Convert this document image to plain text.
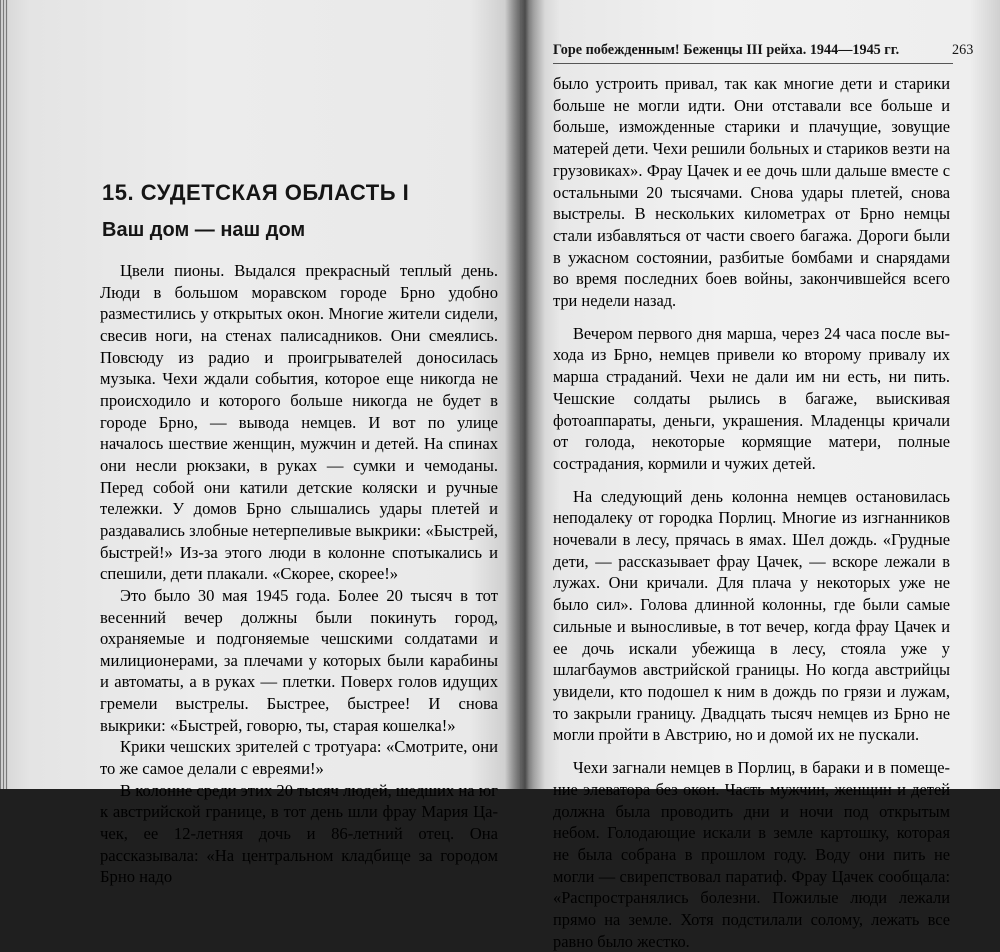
15. СУДЕТСКАЯ ОБЛАСТЬ I
Ваш дом — наш дом

Цвели пионы. Выдался прекрасный теплый день. Люди в большом моравском городе Брно удобно разместились у открытых окон. Многие жители сидели, свесив ноги, на стенах палисадников. Они смеялись. Повсюду из радио и проигрывателей доносилась музыка. Чехи ждали события, которое еще никогда не происходило и которого больше никогда не будет в городе Брно, — вывода немцев. И вот по улице началось шествие женщин, мужчин и детей. На спинах они несли рюкзаки, в руках — сумки и чемоданы. Перед собой они катили детские коляски и ручные тележки. У домов Брно слышались удары плетей и раздавались злобные нетерпеливые выкрики: «Быстрей, быстрей!» Из-за этого люди в колонне спотыкались и спешили, дети плакали. «Скорее, скорее!»

Это было 30 мая 1945 года. Более 20 тысяч в тот весенний вечер должны были покинуть город, охраняемые и подгоняемые чешскими солдатами и милиционерами, за плечами у которых были карабины и автоматы, а в руках — плетки. Поверх голов идущих гремели выстрелы. Быстрее, быстрее! И снова выкрики: «Быстрей, говорю, ты, старая кошелка!»

Крики чешских зрителей с тротуара: «Смотрите, они то же самое делали с евреями!»

В колонне среди этих 20 тысяч людей, шедших на юг к австрийской границе, в тот день шли фрау Мария Цачек, ее 12-летняя дочь и 86-летний отец. Она рассказывала: «На центральном кладбище за городом Брно надо

Горе побежденным! Беженцы III рейха. 1944—1945 гг.	263

было устроить привал, так как многие дети и старики больше не могли идти. Они отставали все больше и больше, изможденные старики и плачущие, зовущие матерей дети. Чехи решили больных и стариков везти на грузовиках». Фрау Цачек и ее дочь шли дальше вместе с остальными 20 тысячами. Снова удары плетей, снова выстрелы. В нескольких километрах от Брно немцы стали избавляться от части своего багажа. Дороги были в ужасном состоянии, разбитые бомбами и снарядами во время последних боев войны, закончившейся всего три недели назад.

Вечером первого дня марша, через 24 часа после выхода из Брно, немцев привели ко второму привалу их марша страданий. Чехи не дали им ни есть, ни пить. Чешские солдаты рылись в багаже, выискивая фотоаппараты, деньги, украшения. Младенцы кричали от голода, некоторые кормящие матери, полные сострадания, кормили и чужих детей.

На следующий день колонна немцев остановилась неподалеку от городка Порлиц. Многие из изгнанников ночевали в лесу, прячась в ямах. Шел дождь. «Грудные дети, — рассказывает фрау Цачек, — вскоре лежали в лужах. Они кричали. Для плача у некоторых уже не было сил». Голова длинной колонны, где были самые сильные и выносливые, в тот вечер, когда фрау Цачек и ее дочь искали убежища в лесу, стояла уже у шлагбаумов австрийской границы. Но когда австрийцы увидели, кто подошел к ним в дождь по грязи и лужам, то закрыли границу. Двадцать тысяч немцев из Брно не могли пройти в Австрию, но и домой их не пускали.

Чехи загнали немцев в Порлиц, в бараки и в помещение элеватора без окон. Часть мужчин, женщин и детей должна была проводить дни и ночи под открытым небом. Голодающие искали в земле картошку, которая не была собрана в прошлом году. Воду они пить не могли — свирепствовал паратиф. Фрау Цачек сообщала: «Распространялись болезни. Пожилые люди лежали прямо на земле. Хотя подстилали солому, лежать все равно было жестко.
